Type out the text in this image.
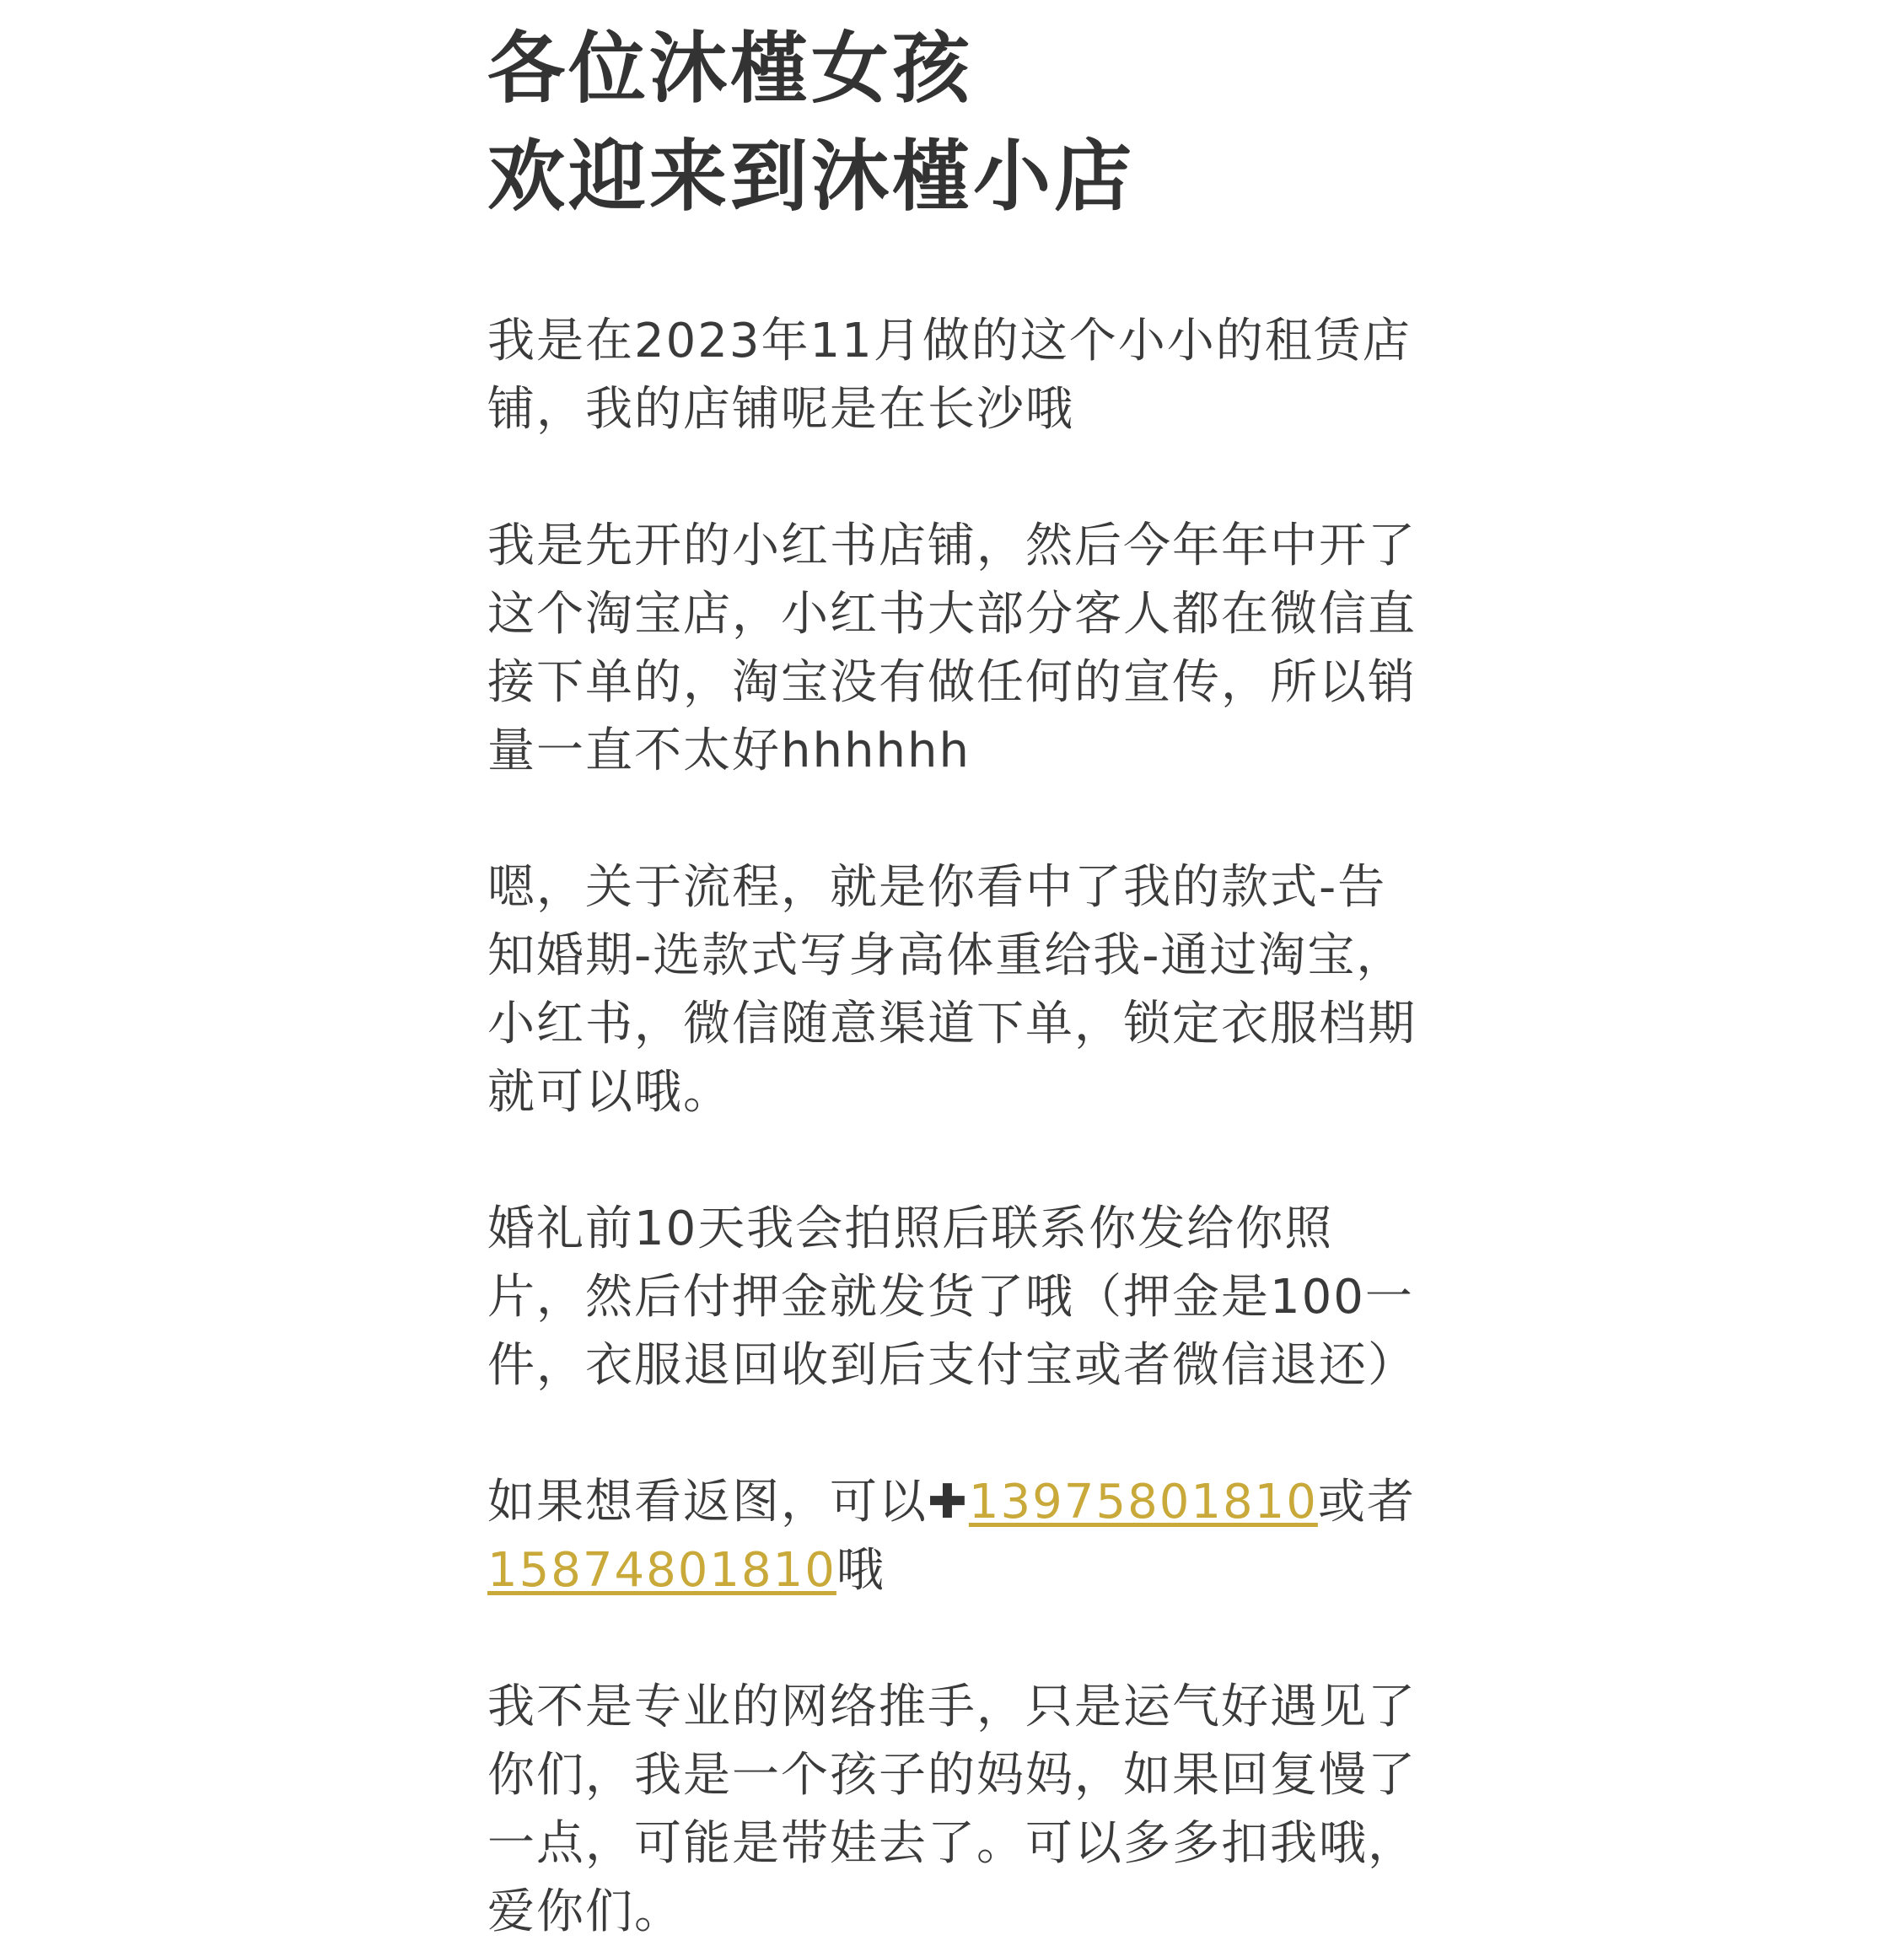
各位沐槿女孩
欢迎来到沐槿小店

我是在2023年11月做的这个小小的租赁店
铺，我的店铺呢是在长沙哦

我是先开的小红书店铺，然后今年年中开了
这个淘宝店，小红书大部分客人都在微信直
接下单的，淘宝没有做任何的宣传，所以销
量一直不太好hhhhhh

嗯，关于流程，就是你看中了我的款式-告
知婚期-选款式写身高体重给我-通过淘宝，
小红书，微信随意渠道下单，锁定衣服档期
就可以哦。

婚礼前10天我会拍照后联系你发给你照
片，然后付押金就发货了哦（押金是100一
件，衣服退回收到后支付宝或者微信退还）

如果想看返图，可以✚13975801810或者
15874801810哦

我不是专业的网络推手，只是运气好遇见了
你们，我是一个孩子的妈妈，如果回复慢了
一点，可能是带娃去了。可以多多扣我哦，
爱你们。
